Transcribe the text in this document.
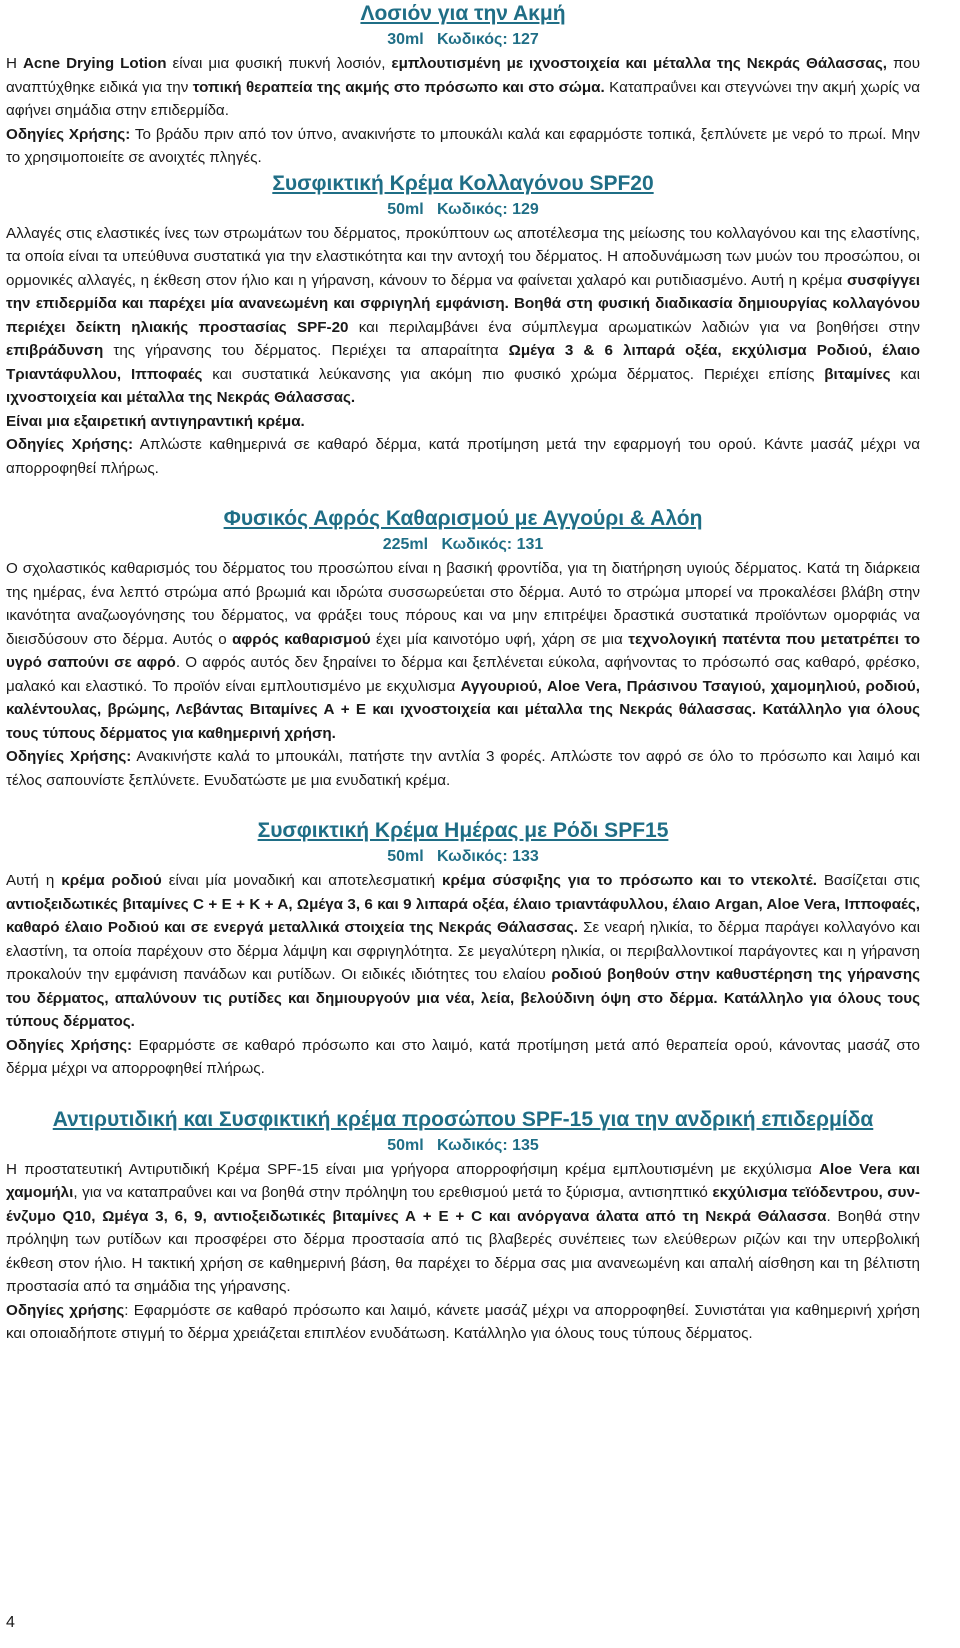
Λοσιόν για την Ακμή
30ml   Κωδικός: 127

Η Acne Drying Lotion είναι μια φυσική πυκνή λοσιόν, εμπλουτισμένη με ιχνοστοιχεία και μέταλλα της Νεκράς Θάλασσας, που αναπτύχθηκε ειδικά για την τοπική θεραπεία της ακμής στο πρόσωπο και στο σώμα. Καταπραΰνει και στεγνώνει την ακμή χωρίς να αφήνει σημάδια στην επιδερμίδα.

Οδηγίες Χρήσης: Το βράδυ πριν από τον ύπνο, ανακινήστε το μπουκάλι καλά και εφαρμόστε τοπικά, ξεπλύνετε με νερό το πρωί. Μην το χρησιμοποιείτε σε ανοιχτές πληγές.

Συσφικτική Κρέμα Κολλαγόνου SPF20
50ml   Κωδικός: 129

Αλλαγές στις ελαστικές ίνες των στρωμάτων του δέρματος, προκύπτουν ως αποτέλεσμα της μείωσης του κολλαγόνου και της ελαστίνης, τα οποία είναι τα υπεύθυνα συστατικά για την ελαστικότητα και την αντοχή του δέρματος. Η αποδυνάμωση των μυών του προσώπου, οι ορμονικές αλλαγές, η έκθεση στον ήλιο και η γήρανση, κάνουν το δέρμα να φαίνεται χαλαρό και ρυτιδιασμένο. Αυτή η κρέμα συσφίγγει την επιδερμίδα και παρέχει μία ανανεωμένη και σφριγηλή εμφάνιση. Βοηθά στη φυσική διαδικασία δημιουργίας κολλαγόνου περιέχει δείκτη ηλιακής προστασίας SPF-20 και περιλαμβάνει ένα σύμπλεγμα αρωματικών λαδιών για να βοηθήσει στην επιβράδυνση της γήρανσης του δέρματος. Περιέχει τα απαραίτητα Ωμέγα 3 & 6 λιπαρά οξέα, εκχύλισμα Ροδιού, έλαιο Τριαντάφυλλου, Ιπποφαές και συστατικά λεύκανσης για ακόμη πιο φυσικό χρώμα δέρματος. Περιέχει επίσης βιταμίνες και ιχνοστοιχεία και μέταλλα της Νεκράς Θάλασσας.

Είναι μια εξαιρετική αντιγηραντική κρέμα.

Οδηγίες Χρήσης: Απλώστε καθημερινά σε καθαρό δέρμα, κατά προτίμηση μετά την εφαρμογή του ορού. Κάντε μασάζ μέχρι να απορροφηθεί πλήρως.

Φυσικός Αφρός Καθαρισμού με Αγγούρι & Αλόη
225ml   Κωδικός: 131

Ο σχολαστικός καθαρισμός του δέρματος του προσώπου είναι η βασική φροντίδα, για τη διατήρηση υγιούς δέρματος. Κατά τη διάρκεια της ημέρας, ένα λεπτό στρώμα από βρωμιά και ιδρώτα συσσωρεύεται στο δέρμα. Αυτό το στρώμα μπορεί να προκαλέσει βλάβη στην ικανότητα αναζωογόνησης του δέρματος, να φράξει τους πόρους και να μην επιτρέψει δραστικά συστατικά προϊόντων ομορφιάς να διεισδύσουν στο δέρμα. Αυτός ο αφρός καθαρισμού έχει μία καινοτόμο υφή, χάρη σε μια τεχνολογική πατέντα που μετατρέπει το υγρό σαπούνι σε αφρό. Ο αφρός αυτός δεν ξηραίνει το δέρμα και ξεπλένεται εύκολα, αφήνοντας το πρόσωπό σας καθαρό, φρέσκο, μαλακό και ελαστικό. Το προϊόν είναι εμπλουτισμένο με εκχυλισμα Αγγουριού, Aloe Vera, Πράσινου Τσαγιού, χαμομηλιού, ροδιού, καλέντουλας, βρώμης, Λεβάντας Βιταμίνες Α + Ε και ιχνοστοιχεία και μέταλλα της Νεκράς θάλασσας. Κατάλληλο για όλους τους τύπους δέρματος για καθημερινή χρήση.

Οδηγίες Χρήσης: Ανακινήστε καλά το μπουκάλι, πατήστε την αντλία 3 φορές. Απλώστε τον αφρό σε όλο το πρόσωπο και λαιμό και τέλος σαπουνίστε ξεπλύνετε. Ενυδατώστε με μια ενυδατική κρέμα.

Συσφικτική Κρέμα Ημέρας με Ρόδι SPF15
50ml   Κωδικός: 133

Αυτή η κρέμα ροδιού είναι μία μοναδική και αποτελεσματική κρέμα σύσφιξης για το πρόσωπο και το ντεκολτέ. Βασίζεται στις αντιοξειδωτικές βιταμίνες C + E + K + A, Ωμέγα 3, 6 και 9 λιπαρά οξέα, έλαιο τριαντάφυλλου, έλαιο Argan, Aloe Vera, Ιπποφαές, καθαρό έλαιο Ροδιού και σε ενεργά μεταλλικά στοιχεία της Νεκράς Θάλασσας. Σε νεαρή ηλικία, το δέρμα παράγει κολλαγόνο και ελαστίνη, τα οποία παρέχουν στο δέρμα λάμψη και σφριγηλότητα. Σε μεγαλύτερη ηλικία, οι περιβαλλοντικοί παράγοντες και η γήρανση προκαλούν την εμφάνιση πανάδων και ρυτίδων. Οι ειδικές ιδιότητες του ελαίου ροδιού βοηθούν στην καθυστέρηση της γήρανσης του δέρματος, απαλύνουν τις ρυτίδες και δημιουργούν μια νέα, λεία, βελούδινη όψη στο δέρμα. Κατάλληλο για όλους τους τύπους δέρματος.

Οδηγίες Χρήσης: Εφαρμόστε σε καθαρό πρόσωπο και στο λαιμό, κατά προτίμηση μετά από θεραπεία ορού, κάνοντας μασάζ στο δέρμα μέχρι να απορροφηθεί πλήρως.

Αντιρυτιδική και Συσφικτική κρέμα προσώπου SPF-15 για την ανδρική επιδερμίδα
50ml   Κωδικός: 135

Η προστατευτική Αντιρυτιδική Κρέμα SPF-15 είναι μια γρήγορα απορροφήσιμη κρέμα εμπλουτισμένη με εκχύλισμα Aloe Vera και χαμομήλι, για να καταπραΰνει και να βοηθά στην πρόληψη του ερεθισμού μετά το ξύρισμα, αντισηπτικό εκχύλισμα τεϊόδεντρου, συν-ένζυμο Q10, Ωμέγα 3, 6, 9, αντιοξειδωτικές βιταμίνες Α + Ε + C και ανόργανα άλατα από τη Νεκρά Θάλασσα. Βοηθά στην πρόληψη των ρυτίδων και προσφέρει στο δέρμα προστασία από τις βλαβερές συνέπειες των ελεύθερων ριζών και την υπερβολική έκθεση στον ήλιο. Η τακτική χρήση σε καθημερινή βάση, θα παρέχει το δέρμα σας μια ανανεωμένη και απαλή αίσθηση και τη βέλτιστη προστασία από τα σημάδια της γήρανσης.

Οδηγίες χρήσης: Εφαρμόστε σε καθαρό πρόσωπο και λαιμό, κάνετε μασάζ μέχρι να απορροφηθεί. Συνιστάται για καθημερινή χρήση και οποιαδήποτε στιγμή το δέρμα χρειάζεται επιπλέον ενυδάτωση. Κατάλληλο για όλους τους τύπους δέρματος.

4
